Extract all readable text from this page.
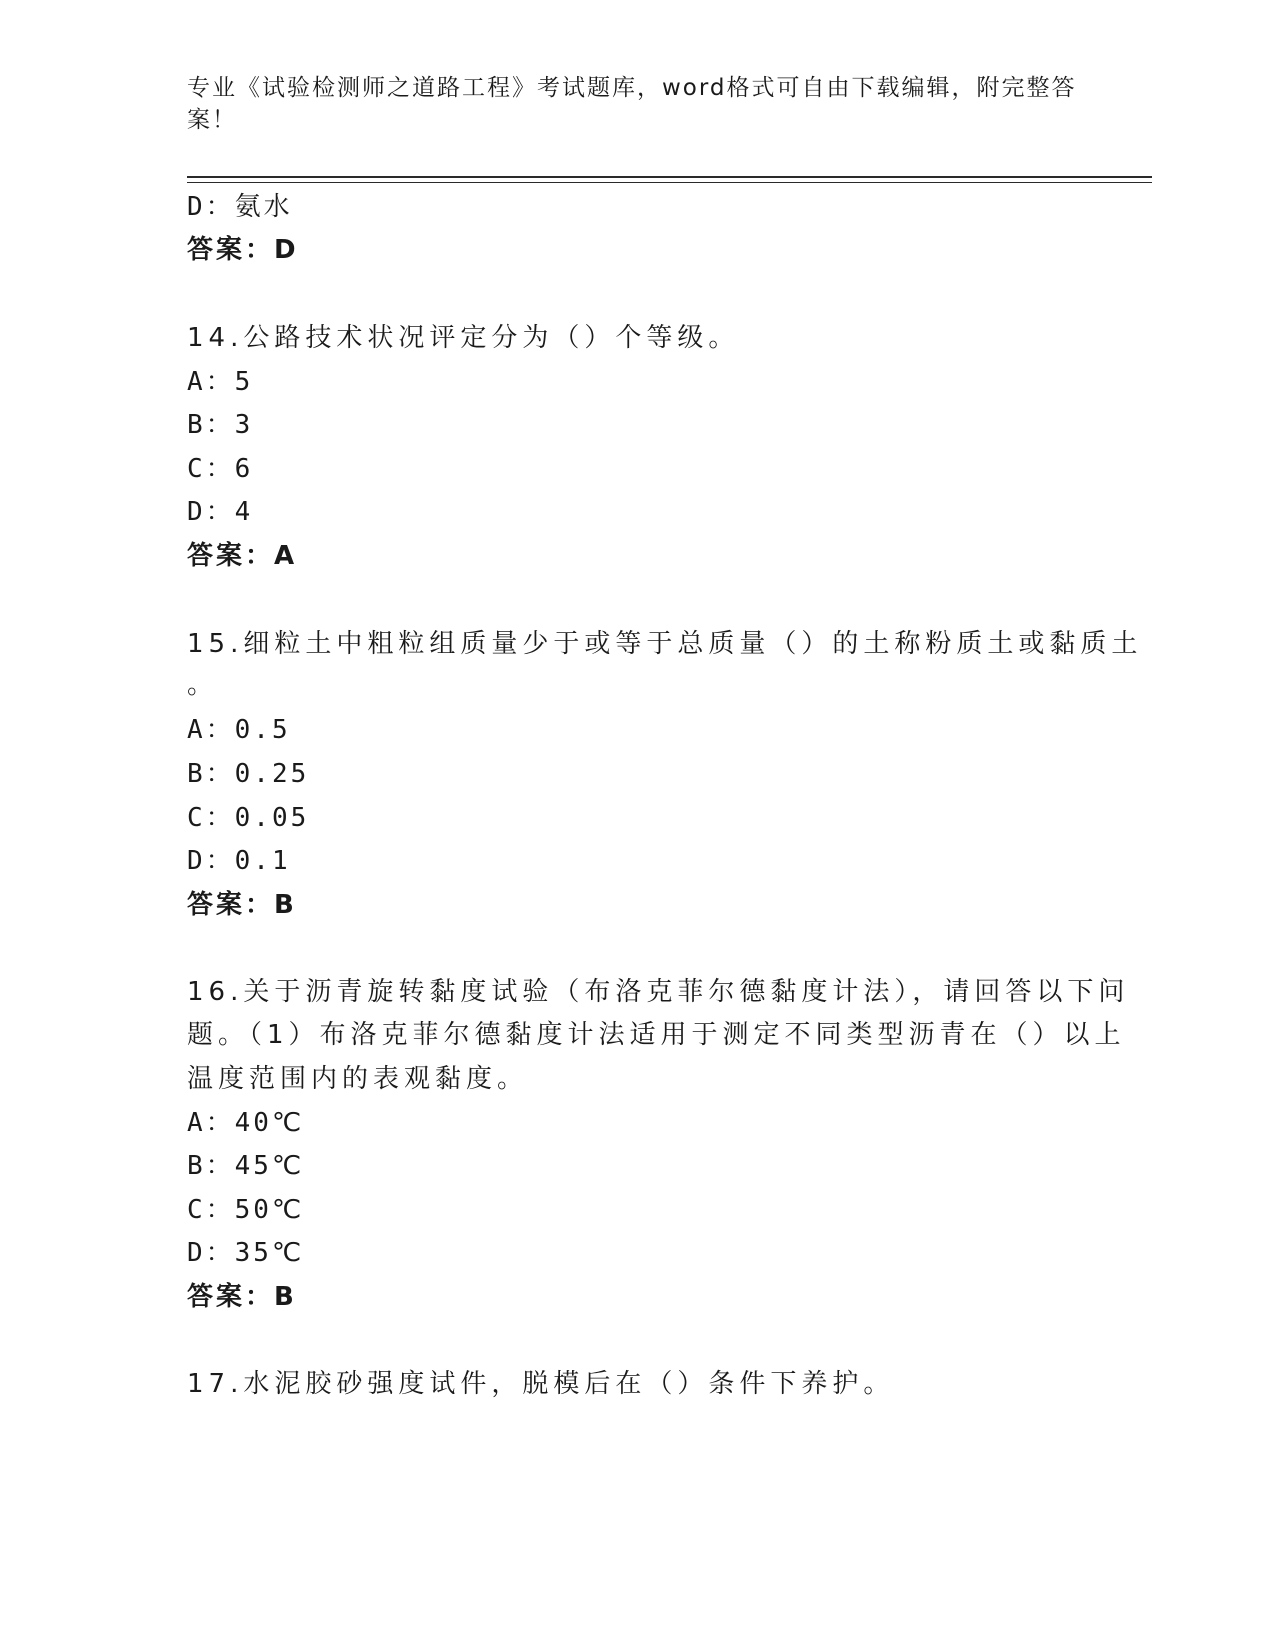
专业《试验检测师之道路工程》考试题库，word格式可自由下载编辑，附完整答
案！
D：氨水
答案：D
14.公路技术状况评定分为（）个等级。
A：5
B：3
C：6
D：4
答案：A
15.细粒土中粗粒组质量少于或等于总质量（）的土称粉质土或黏质土
。
A：0.5
B：0.25
C：0.05
D：0.1
答案：B
16.关于沥青旋转黏度试验（布洛克菲尔德黏度计法），请回答以下问
题。（1）布洛克菲尔德黏度计法适用于测定不同类型沥青在（）以上
温度范围内的表观黏度。
A：40℃
B：45℃
C：50℃
D：35℃
答案：B
17.水泥胶砂强度试件，脱模后在（）条件下养护。
